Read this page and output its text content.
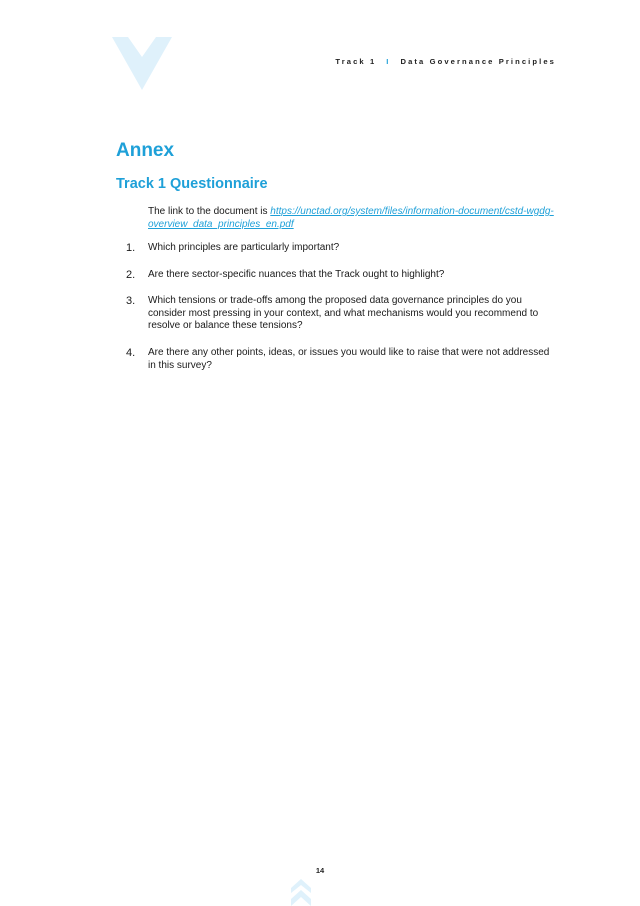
Track 1 I Data Governance Principles
Annex
Track 1 Questionnaire

The link to the document is https://unctad.org/system/files/information-document/cstd-wgdg-overview_data_principles_en.pdf

1.	Which principles are particularly important?
2.	Are there sector-specific nuances that the Track ought to highlight?
3.	Which tensions or trade-offs among the proposed data governance principles do you consider most pressing in your context, and what mechanisms would you recommend to resolve or balance these tensions?
4.	Are there any other points, ideas, or issues you would like to raise that were not addressed in this survey?
14
